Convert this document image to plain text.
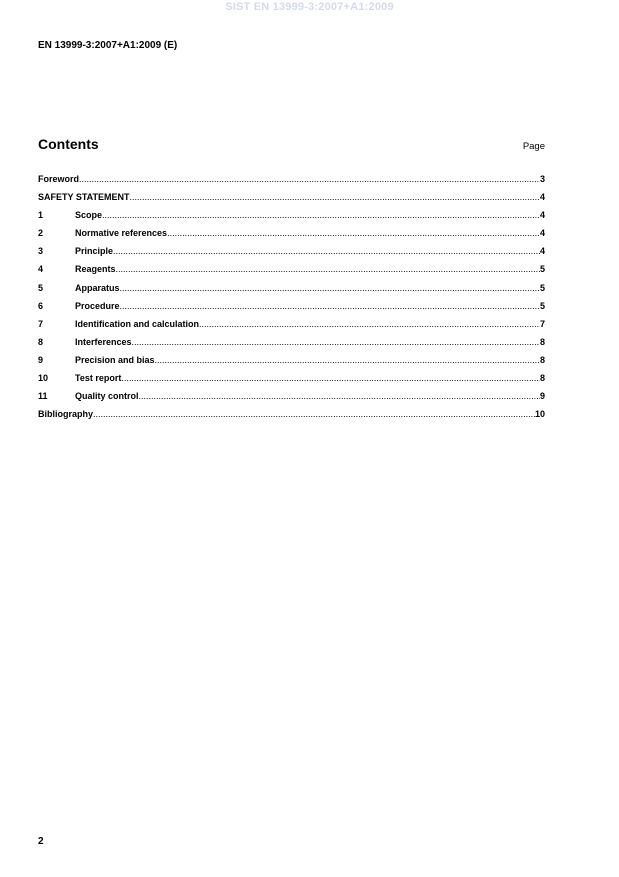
SIST EN 13999-3:2007+A1:2009
EN 13999-3:2007+A1:2009 (E)
Contents	Page
Foreword .....	3
SAFETY STATEMENT .....	4
1	Scope .....	4
2	Normative references .....	4
3	Principle .....	4
4	Reagents .....	5
5	Apparatus .....	5
6	Procedure .....	5
7	Identification and calculation .....	7
8	Interferences .....	8
9	Precision and bias .....	8
10	Test report .....	8
11	Quality control .....	9
Bibliography .....	10
2
